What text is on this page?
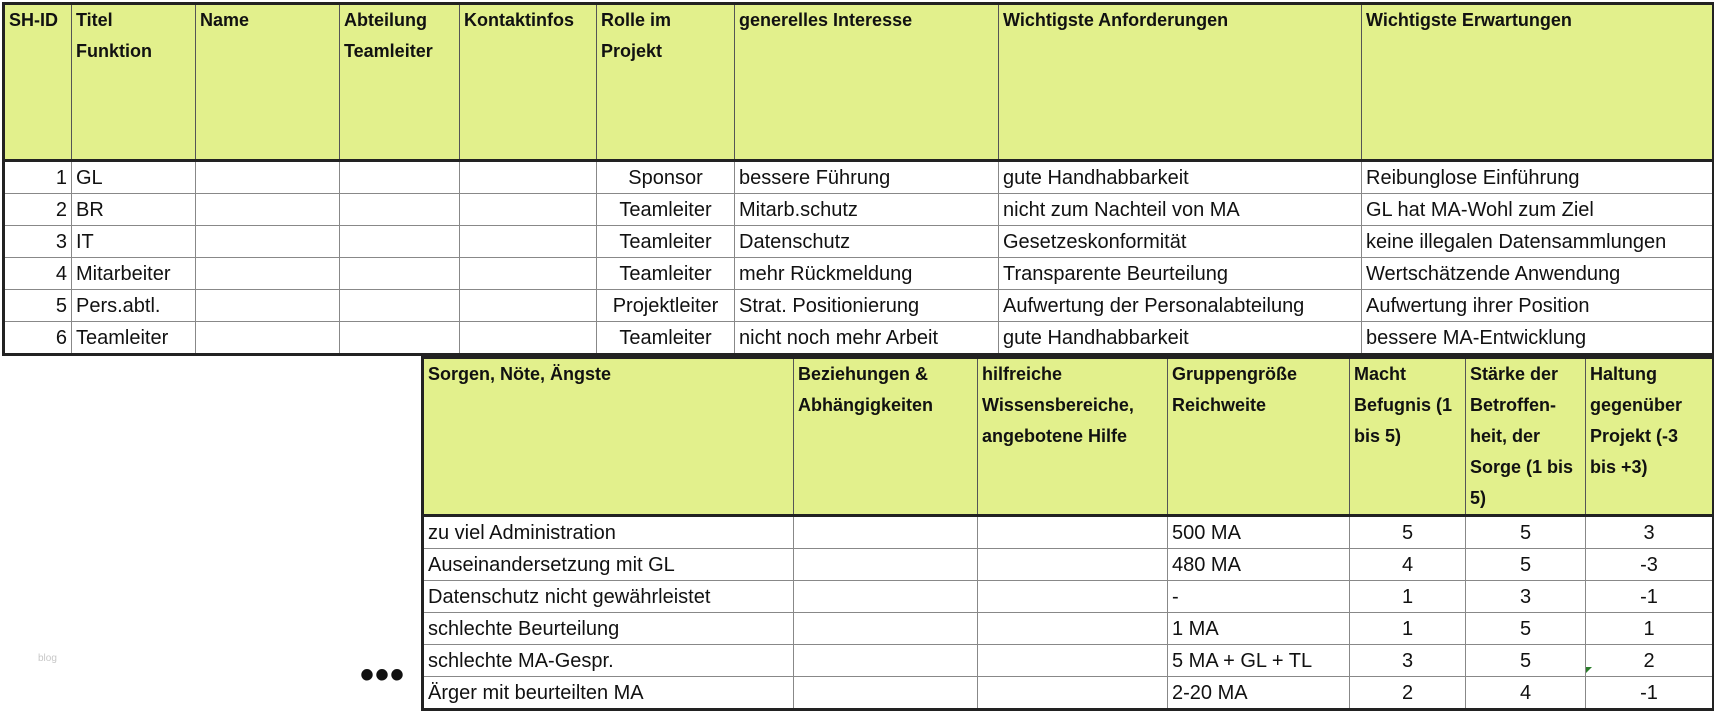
SH-ID	Titel Funktion	Name	Abteilung Teamleiter	Kontaktinfos	Rolle im Projekt	generelles Interesse	Wichtigste Anforderungen	Wichtigste Erwartungen
1	GL				Sponsor	bessere Führung	gute Handhabbarkeit	Reibunglose Einführung
2	BR				Teamleiter	Mitarb.schutz	nicht zum Nachteil von MA	GL hat MA-Wohl zum Ziel
3	IT				Teamleiter	Datenschutz	Gesetzeskonformität	keine illegalen Datensammlungen
4	Mitarbeiter				Teamleiter	mehr Rückmeldung	Transparente Beurteilung	Wertschätzende Anwendung
5	Pers.abtl.				Projektleiter	Strat. Positionierung	Aufwertung der Personalabteilung	Aufwertung ihrer Position
6	Teamleiter				Teamleiter	nicht noch mehr Arbeit	gute Handhabbarkeit	bessere MA-Entwicklung
Sorgen, Nöte, Ängste	Beziehungen & Abhängigkeiten	hilfreiche Wissensbereiche, angebotene Hilfe	Gruppengröße Reichweite	Macht Befugnis (1 bis 5)	Stärke der Betroffen-heit, der Sorge (1 bis 5)	Haltung gegenüber Projekt (-3 bis +3)
zu viel Administration			500 MA	5	5	3
Auseinandersetzung mit GL			480 MA	4	5	-3
Datenschutz nicht gewährleistet			-	1	3	-1
schlechte Beurteilung			1 MA	1	5	1
schlechte MA-Gespr.			5 MA + GL + TL	3	5	2
Ärger mit beurteilten MA			2-20 MA	2	4	-1
•••
blog
